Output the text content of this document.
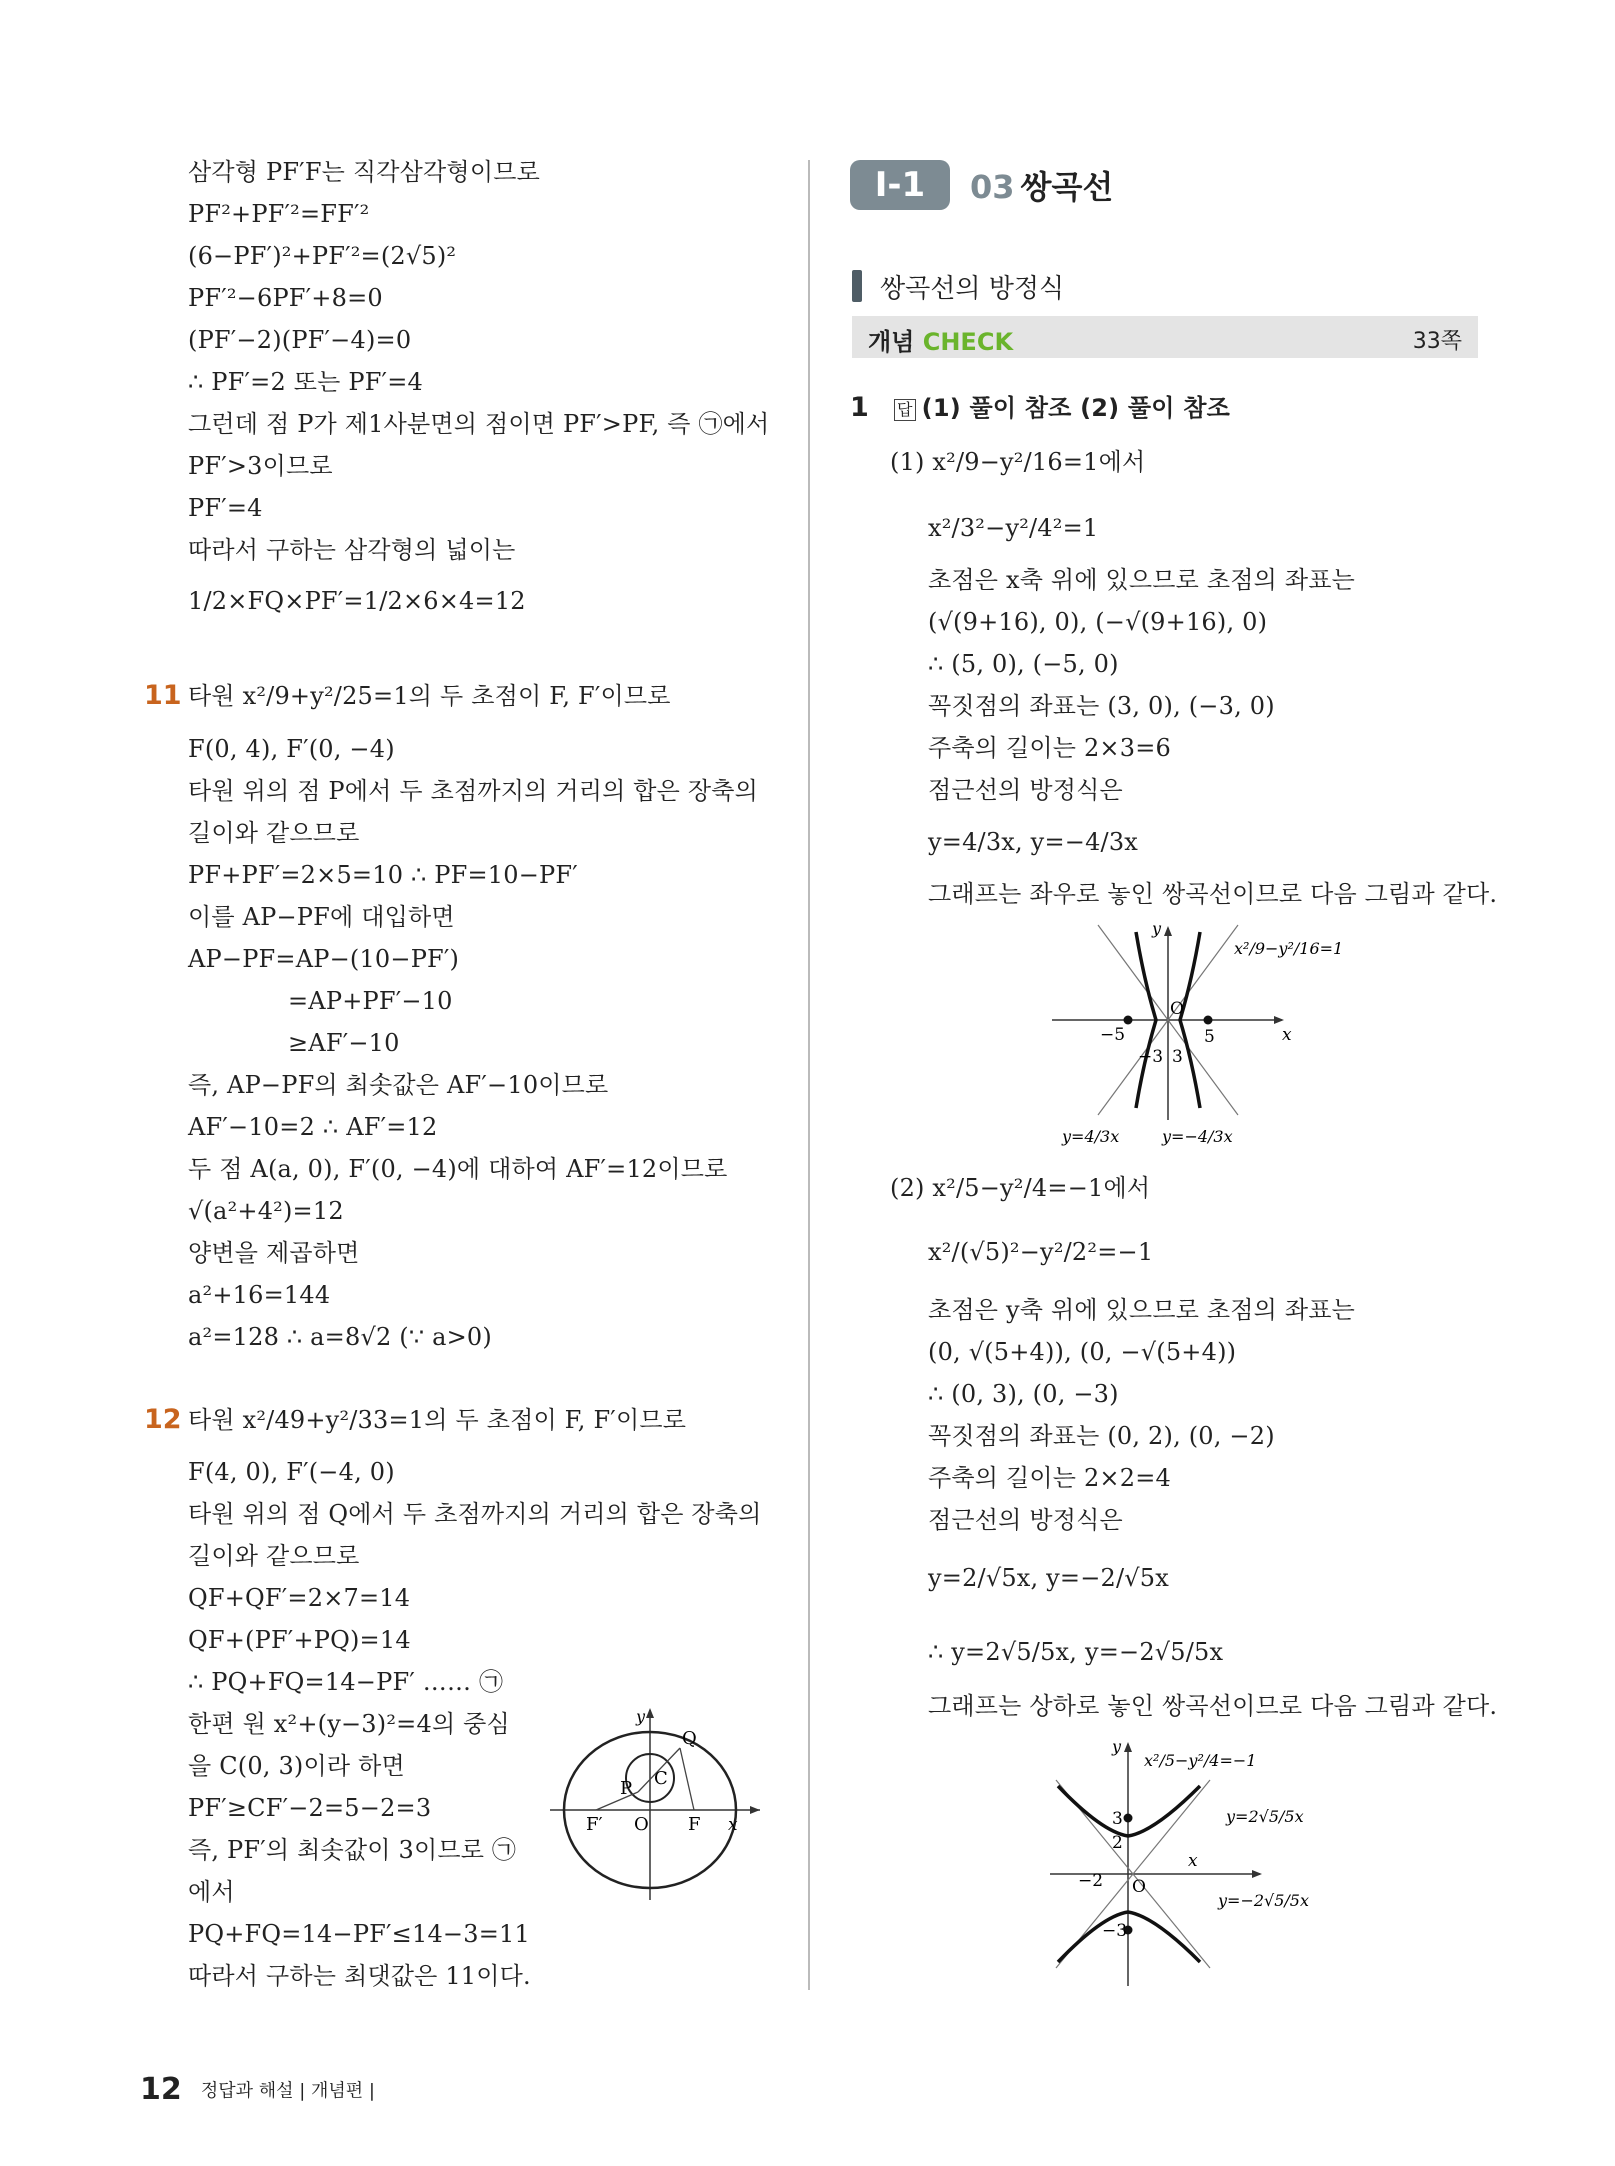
삼각형 PF′F는 직각삼각형이므로
PF²+PF′²=FF′²
(6−PF′)²+PF′²=(2√5)²
PF′²−6PF′+8=0
(PF′−2)(PF′−4)=0
∴ PF′=2 또는 PF′=4
그런데 점 P가 제1사분면의 점이면 PF′>PF, 즉 ㉠에서
PF′>3이므로
PF′=4
따라서 구하는 삼각형의 넓이는
1/2×FQ×PF′=1/2×6×4=12
11 타원 x²/9+y²/25=1의 두 초점이 F, F′이므로
F(0, 4), F′(0, −4)
타원 위의 점 P에서 두 초점까지의 거리의 합은 장축의
길이와 같으므로
PF+PF′=2×5=10 ∴ PF=10−PF′
이를 AP−PF에 대입하면
AP−PF=AP−(10−PF′)
=AP+PF′−10
≥AF′−10
즉, AP−PF의 최솟값은 AF′−10이므로
AF′−10=2 ∴ AF′=12
두 점 A(a, 0), F′(0, −4)에 대하여 AF′=12이므로
√(a²+4²)=12
양변을 제곱하면
a²+16=144
a²=128 ∴ a=8√2 (∵ a>0)
12 타원 x²/49+y²/33=1의 두 초점이 F, F′이므로
F(4, 0), F′(−4, 0)
타원 위의 점 Q에서 두 초점까지의 거리의 합은 장축의
길이와 같으므로
QF+QF′=2×7=14
QF+(PF′+PQ)=14
∴ PQ+FQ=14−PF′ …… ㉠
한편 원 x²+(y−3)²=4의 중심
을 C(0, 3)이라 하면
PF′≥CF′−2=5−2=3
즉, PF′의 최솟값이 3이므로 ㉠
에서
PQ+FQ=14−PF′≤14−3=11
따라서 구하는 최댓값은 11이다.
y
x
Q
P C
F′ O F
Ⅰ-1	03 쌍곡선
쌍곡선의 방정식
개념 CHECK	33쪽
1 답 (1) 풀이 참조 (2) 풀이 참조
(1) x²/9−y²/16=1에서
x²/3²−y²/4²=1
초점은 x축 위에 있으므로 초점의 좌표는
(√(9+16), 0), (−√(9+16), 0)
∴ (5, 0), (−5, 0)
꼭짓점의 좌표는 (3, 0), (−3, 0)
주축의 길이는 2×3=6
점근선의 방정식은
y=4/3x, y=−4/3x
그래프는 좌우로 놓인 쌍곡선이므로 다음 그림과 같다.
y
x
O
−5	5
−3 3
x²/9−y²/16=1
y=4/3x	y=−4/3x
(2) x²/5−y²/4=−1에서
x²/(√5)²−y²/2²=−1
초점은 y축 위에 있으므로 초점의 좌표는
(0, √(5+4)), (0, −√(5+4))
∴ (0, 3), (0, −3)
꼭짓점의 좌표는 (0, 2), (0, −2)
주축의 길이는 2×2=4
점근선의 방정식은
y=2/√5x, y=−2/√5x
∴ y=2√5/5x, y=−2√5/5x
그래프는 상하로 놓인 쌍곡선이므로 다음 그림과 같다.
y
x
O
3
2
−2
−3
x²/5−y²/4=−1
y=2√5/5x
y=−2√5/5x
12 정답과 해설 | 개념편 |
